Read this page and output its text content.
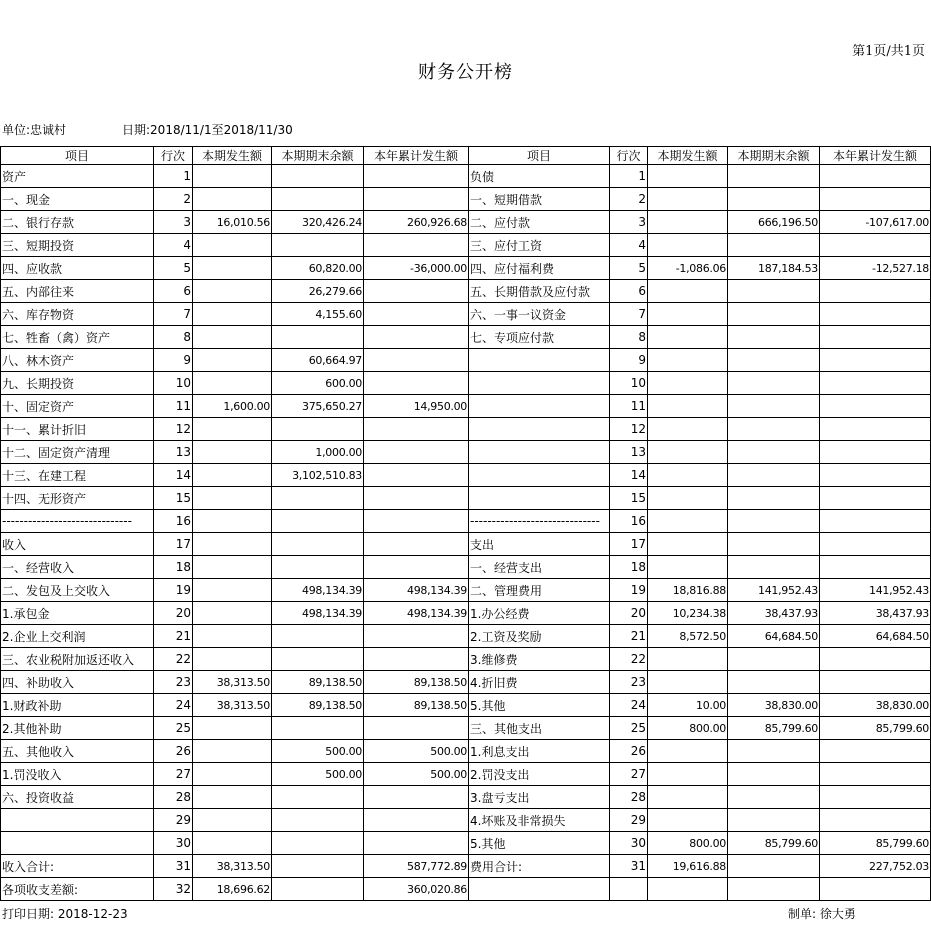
第1页/共1页
财务公开榜
单位:忠诚村	日期:2018/11/1至2018/11/30
项目	行次	本期发生额	本期期末余额	本年累计发生额	项目	行次	本期发生额	本期期末余额	本年累计发生额
资产	1				负债	1			
一、现金	2				一、短期借款	2			
二、银行存款	3	16,010.56	320,426.24	260,926.68	二、应付款	3		666,196.50	-107,617.00
三、短期投资	4				三、应付工资	4			
四、应收款	5		60,820.00	-36,000.00	四、应付福利费	5	-1,086.06	187,184.53	-12,527.18
五、内部往来	6		26,279.66		五、长期借款及应付款	6			
六、库存物资	7		4,155.60		六、一事一议资金	7			
七、牲畜（禽）资产	8				七、专项应付款	8			
八、林木资产	9		60,664.97			9			
九、长期投资	10		600.00			10			
十、固定资产	11	1,600.00	375,650.27	14,950.00		11			
十一、累计折旧	12					12			
十二、固定资产清理	13		1,000.00			13			
十三、在建工程	14		3,102,510.83			14			
十四、无形资产	15					15			
------------------------------	16				------------------------------	16			
收入	17				支出	17			
一、经营收入	18				一、经营支出	18			
二、发包及上交收入	19		498,134.39	498,134.39	二、管理费用	19	18,816.88	141,952.43	141,952.43
1.承包金	20		498,134.39	498,134.39	1.办公经费	20	10,234.38	38,437.93	38,437.93
2.企业上交利润	21				2.工资及奖励	21	8,572.50	64,684.50	64,684.50
三、农业税附加返还收入	22				3.维修费	22			
四、补助收入	23	38,313.50	89,138.50	89,138.50	4.折旧费	23			
1.财政补助	24	38,313.50	89,138.50	89,138.50	5.其他	24	10.00	38,830.00	38,830.00
2.其他补助	25				三、其他支出	25	800.00	85,799.60	85,799.60
五、其他收入	26		500.00	500.00	1.利息支出	26			
1.罚没收入	27		500.00	500.00	2.罚没支出	27			
六、投资收益	28				3.盘亏支出	28			
	29				4.坏账及非常损失	29			
	30				5.其他	30	800.00	85,799.60	85,799.60
收入合计:	31	38,313.50		587,772.89	费用合计:	31	19,616.88		227,752.03
各项收支差额:	32	18,696.62		360,020.86					
打印日期: 2018-12-23	制单: 徐大勇
